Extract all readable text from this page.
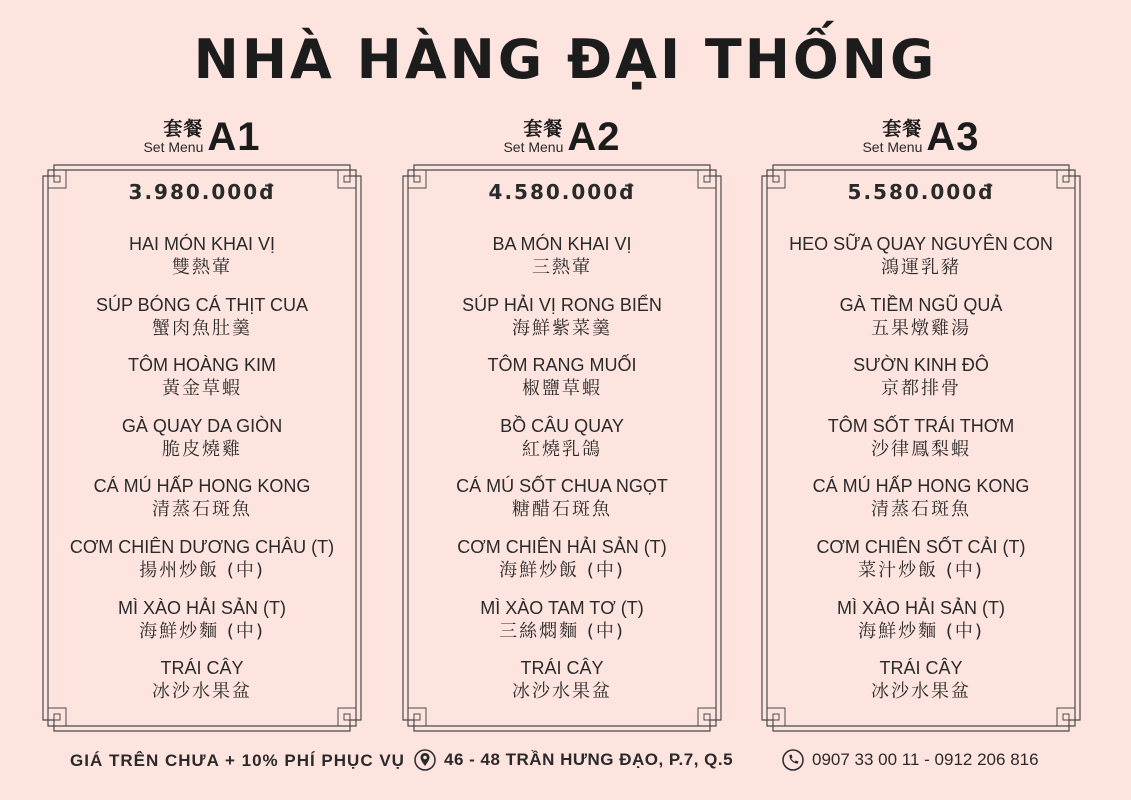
NHÀ HÀNG ĐẠI THỐNG
套餐
Set Menu A1
3.980.000đ
HAI MÓN KHAI VỊ
雙熱葷
SÚP BÓNG CÁ THỊT CUA
蟹肉魚肚羹
TÔM HOÀNG KIM
黃金草蝦
GÀ QUAY DA GIÒN
脆皮燒雞
CÁ MÚ HẤP HONG KONG
清蒸石斑魚
CƠM CHIÊN DƯƠNG CHÂU (T)
揚州炒飯 (中)
MÌ XÀO HẢI SẢN (T)
海鮮炒麵 (中)
TRÁI CÂY
冰沙水果盆
套餐
Set Menu A2
4.580.000đ
BA MÓN KHAI VỊ
三熱葷
SÚP HẢI VỊ RONG BIỂN
海鮮紫菜羹
TÔM RANG MUỐI
椒鹽草蝦
BỒ CÂU QUAY
紅燒乳鴿
CÁ MÚ SỐT CHUA NGỌT
糖醋石斑魚
CƠM CHIÊN HẢI SẢN (T)
海鮮炒飯 (中)
MÌ XÀO TAM TƠ (T)
三絲燜麵 (中)
TRÁI CÂY
冰沙水果盆
套餐
Set Menu A3
5.580.000đ
HEO SỮA QUAY NGUYÊN CON
鴻運乳豬
GÀ TIỀM NGŨ QUẢ
五果燉雞湯
SƯỜN KINH ĐÔ
京都排骨
TÔM SỐT TRÁI THƠM
沙律鳳梨蝦
CÁ MÚ HẤP HONG KONG
清蒸石斑魚
CƠM CHIÊN SỐT CẢI (T)
菜汁炒飯 (中)
MÌ XÀO HẢI SẢN (T)
海鮮炒麵 (中)
TRÁI CÂY
冰沙水果盆
GIÁ TRÊN CHƯA + 10% PHÍ PHỤC VỤ 46 - 48 TRẦN HƯNG ĐẠO, P.7, Q.5	0907 33 00 11 - 0912 206 816
